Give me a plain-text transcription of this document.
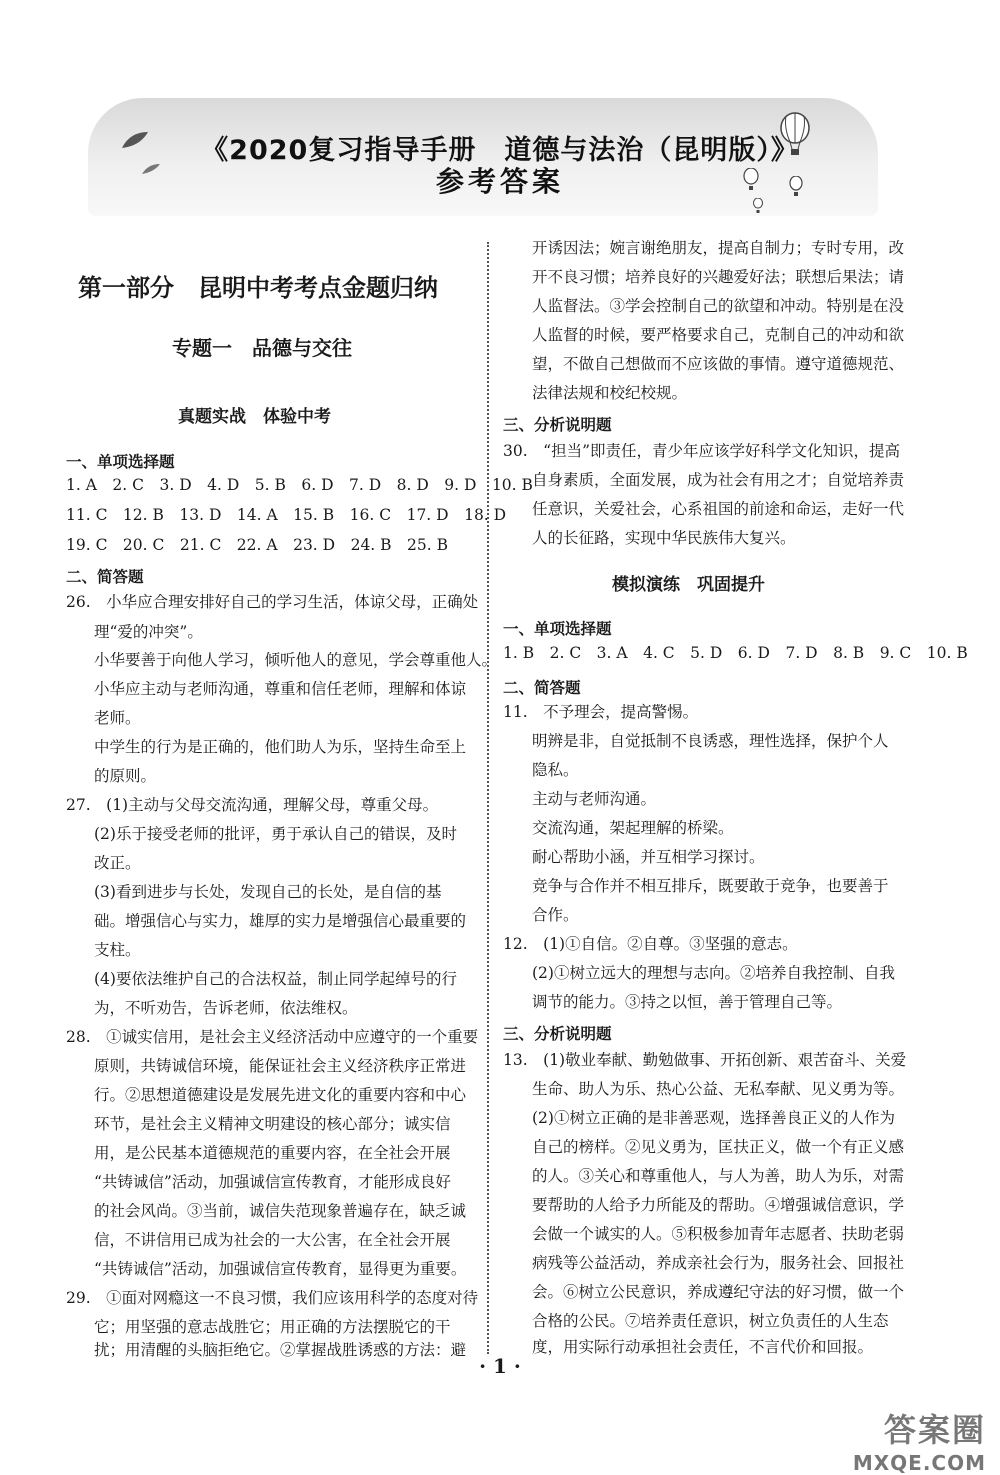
《2020复习指导手册　道德与法治（昆明版）》
参考答案
第一部分　昆明中考考点金题归纳
专题一　品德与交往
真题实战　体验中考
一、单项选择题
1. A　2. C　3. D　4. D　5. B　6. D　7. D　8. D　9. D　10. B
11. C　12. B　13. D　14. A　15. B　16. C　17. D　18. D
19. C　20. C　21. C　22. A　23. D　24. B　25. B
二、简答题
26.　小华应合理安排好自己的学习生活，体谅父母，正确处
理“爱的冲突”。
小华要善于向他人学习，倾听他人的意见，学会尊重他人。
小华应主动与老师沟通，尊重和信任老师，理解和体谅
老师。
中学生的行为是正确的，他们助人为乐，坚持生命至上
的原则。
27.　(1)主动与父母交流沟通，理解父母，尊重父母。
(2)乐于接受老师的批评，勇于承认自己的错误，及时
改正。
(3)看到进步与长处，发现自己的长处，是自信的基
础。增强信心与实力，雄厚的实力是增强信心最重要的
支柱。
(4)要依法维护自己的合法权益，制止同学起绰号的行
为，不听劝告，告诉老师，依法维权。
28.　①诚实信用，是社会主义经济活动中应遵守的一个重要
原则，共铸诚信环境，能保证社会主义经济秩序正常进
行。②思想道德建设是发展先进文化的重要内容和中心
环节，是社会主义精神文明建设的核心部分；诚实信
用，是公民基本道德规范的重要内容，在全社会开展
“共铸诚信”活动，加强诚信宣传教育，才能形成良好
的社会风尚。③当前，诚信失范现象普遍存在，缺乏诚
信，不讲信用已成为社会的一大公害，在全社会开展
“共铸诚信”活动，加强诚信宣传教育，显得更为重要。
29.　①面对网瘾这一不良习惯，我们应该用科学的态度对待
它；用坚强的意志战胜它；用正确的方法摆脱它的干
扰；用清醒的头脑拒绝它。②掌握战胜诱惑的方法：避
开诱因法；婉言谢绝朋友，提高自制力；专时专用，改
开不良习惯；培养良好的兴趣爱好法；联想后果法；请
人监督法。③学会控制自己的欲望和冲动。特别是在没
人监督的时候，要严格要求自己，克制自己的冲动和欲
望，不做自己想做而不应该做的事情。遵守道德规范、
法律法规和校纪校规。
三、分析说明题
30.　“担当”即责任，青少年应该学好科学文化知识，提高
自身素质，全面发展，成为社会有用之才；自觉培养责
任意识，关爱社会，心系祖国的前途和命运，走好一代
人的长征路，实现中华民族伟大复兴。
模拟演练　巩固提升
一、单项选择题
1. B　2. C　3. A　4. C　5. D　6. D　7. D　8. B　9. C　10. B
二、简答题
11.　不予理会，提高警惕。
明辨是非，自觉抵制不良诱惑，理性选择，保护个人
隐私。
主动与老师沟通。
交流沟通，架起理解的桥梁。
耐心帮助小涵，并互相学习探讨。
竞争与合作并不相互排斥，既要敢于竞争，也要善于
合作。
12.　(1)①自信。②自尊。③坚强的意志。
(2)①树立远大的理想与志向。②培养自我控制、自我
调节的能力。③持之以恒，善于管理自己等。
三、分析说明题
13.　(1)敬业奉献、勤勉做事、开拓创新、艰苦奋斗、关爱
生命、助人为乐、热心公益、无私奉献、见义勇为等。
(2)①树立正确的是非善恶观，选择善良正义的人作为
自己的榜样。②见义勇为，匡扶正义，做一个有正义感
的人。③关心和尊重他人，与人为善，助人为乐，对需
要帮助的人给予力所能及的帮助。④增强诚信意识，学
会做一个诚实的人。⑤积极参加青年志愿者、扶助老弱
病残等公益活动，养成亲社会行为，服务社会、回报社
会。⑥树立公民意识，养成遵纪守法的好习惯，做一个
合格的公民。⑦培养责任意识，树立负责任的人生态
度，用实际行动承担社会责任，不言代价和回报。
· 1 ·
答案圈
MXQE.COM
